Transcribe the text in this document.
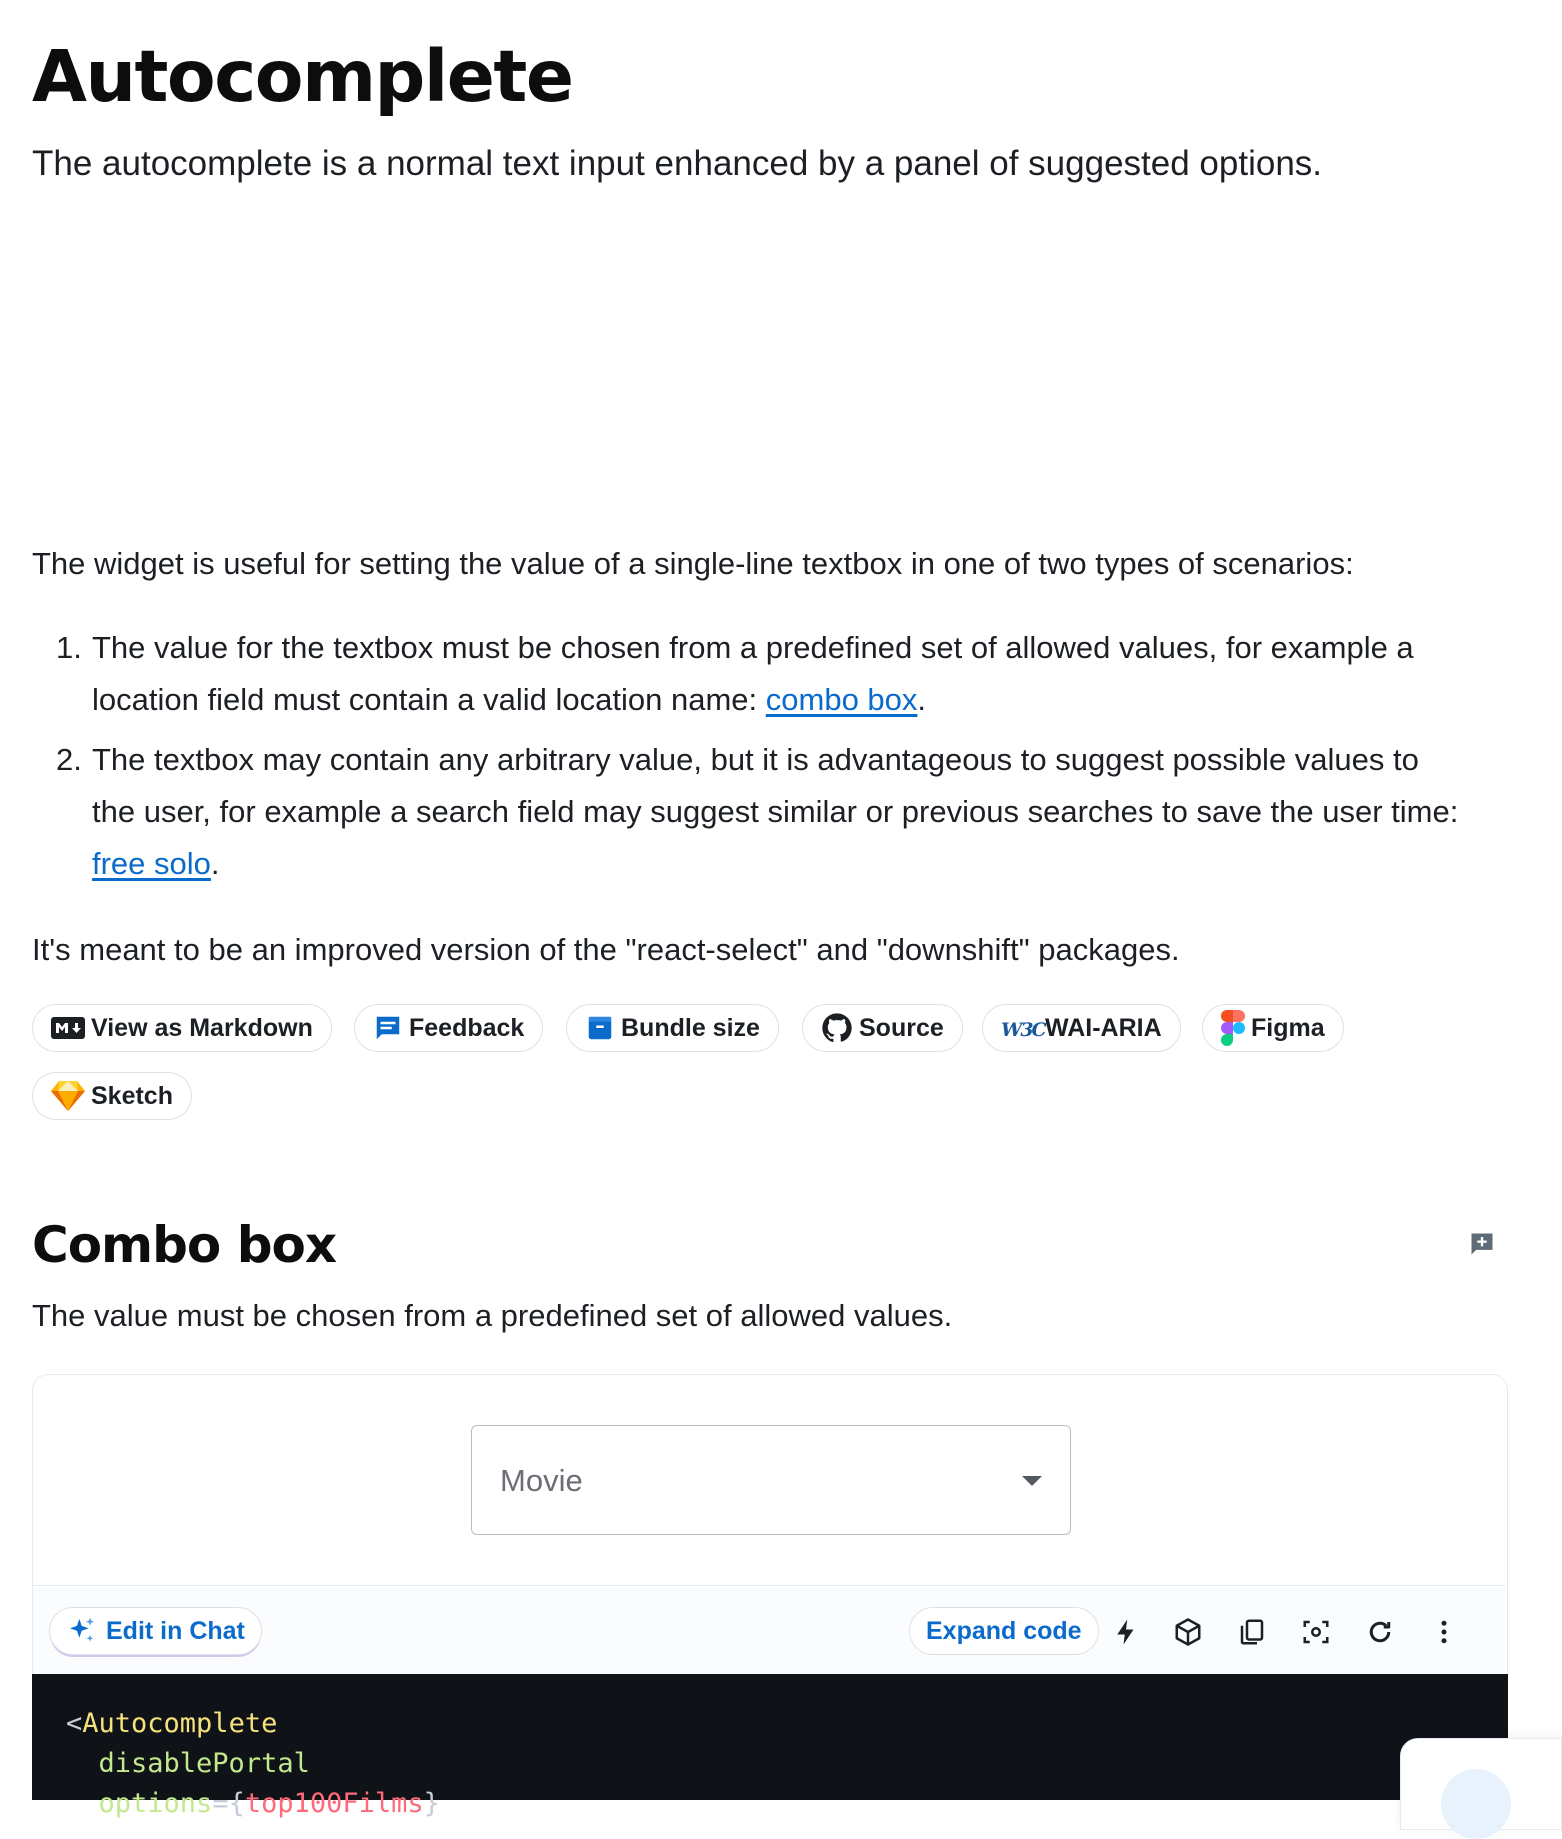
Autocomplete

The autocomplete is a normal text input enhanced by a panel of suggested options.

The widget is useful for setting the value of a single-line textbox in one of two types of scenarios:

1. The value for the textbox must be chosen from a predefined set of allowed values, for example a
location field must contain a valid location name: combo box.
2. The textbox may contain any arbitrary value, but it is advantageous to suggest possible values to
the user, for example a search field may suggest similar or previous searches to save the user time:
free solo.

It's meant to be an improved version of the "react-select" and "downshift" packages.

View as Markdown	Feedback	Bundle size	Source	W3C WAI-ARIA	Figma
Sketch
Combo box

The value must be chosen from a predefined set of allowed values.

Movie
Edit in Chat	Expand code
<Autocomplete
disablePortal
options={top100Films}
